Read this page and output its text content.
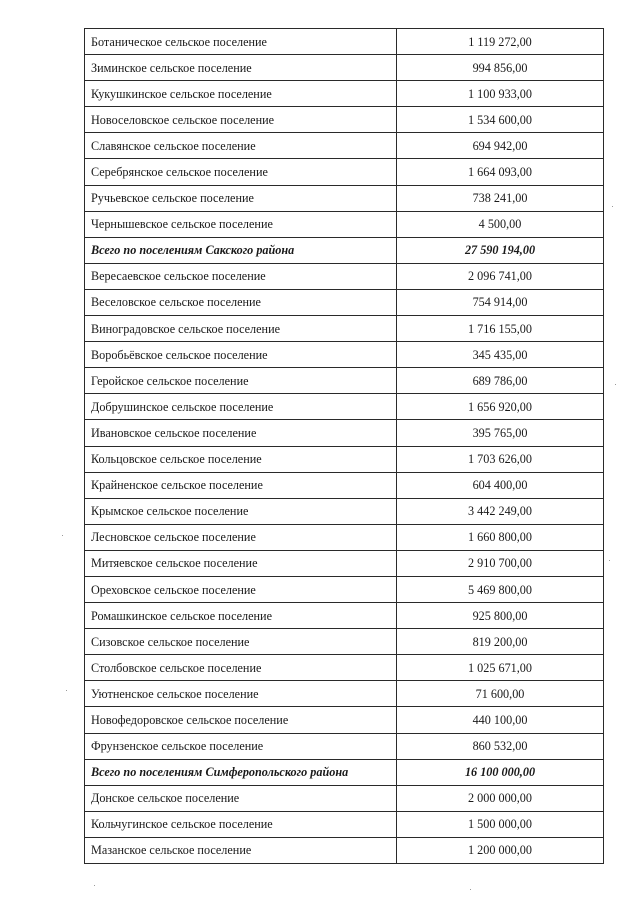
Ботаническое сельское поселение	1 119 272,00
Зиминское сельское поселение	994 856,00
Кукушкинское сельское поселение	1 100 933,00
Новоселовское сельское поселение	1 534 600,00
Славянское сельское поселение	694 942,00
Серебрянское сельское поселение	1 664 093,00
Ручьевское сельское поселение	738 241,00
Чернышевское сельское поселение	4 500,00
Всего по поселениям Сакского района	27 590 194,00
Вересаевское сельское поселение	2 096 741,00
Веселовское сельское поселение	754 914,00
Виноградовское сельское поселение	1 716 155,00
Воробьёвское сельское поселение	345 435,00
Геройское сельское поселение	689 786,00
Добрушинское сельское поселение	1 656 920,00
Ивановское сельское поселение	395 765,00
Кольцовское сельское поселение	1 703 626,00
Крайненское сельское поселение	604 400,00
Крымское сельское поселение	3 442 249,00
Лесновское сельское поселение	1 660 800,00
Митяевское сельское поселение	2 910 700,00
Ореховское сельское поселение	5 469 800,00
Ромашкинское сельское поселение	925 800,00
Сизовское сельское поселение	819 200,00
Столбовское сельское поселение	1 025 671,00
Уютненское сельское поселение	71 600,00
Новофедоровское сельское поселение	440 100,00
Фрунзенское сельское поселение	860 532,00
Всего по поселениям Симферопольского района	16 100 000,00
Донское сельское поселение	2 000 000,00
Кольчугинское сельское поселение	1 500 000,00
Мазанское сельское поселение	1 200 000,00
